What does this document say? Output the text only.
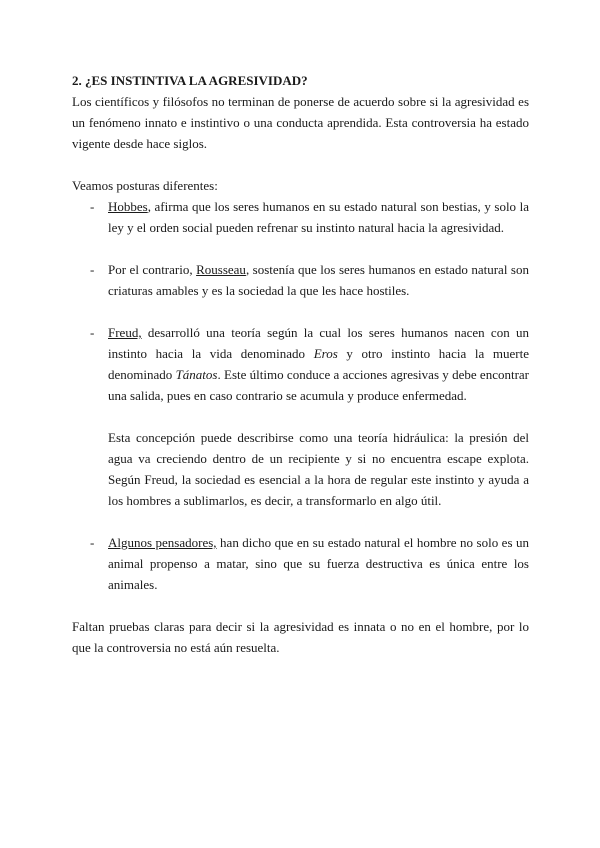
2. ¿ES INSTINTIVA LA AGRESIVIDAD?

Los científicos y filósofos no terminan de ponerse de acuerdo sobre si la agresividad es un fenómeno innato e instintivo o una conducta aprendida. Esta controversia ha estado vigente desde hace siglos.

Veamos posturas diferentes:

- Hobbes, afirma que los seres humanos en su estado natural son bestias, y solo la ley y el orden social pueden refrenar su instinto natural hacia la agresividad.
- Por el contrario, Rousseau, sostenía que los seres humanos en estado natural son criaturas amables y es la sociedad la que les hace hostiles.
- Freud, desarrolló una teoría según la cual los seres humanos nacen con un instinto hacia la vida denominado Eros y otro instinto hacia la muerte denominado Tánatos. Este último conduce a acciones agresivas y debe encontrar una salida, pues en caso contrario se acumula y produce enfermedad.

Esta concepción puede describirse como una teoría hidráulica: la presión del agua va creciendo dentro de un recipiente y si no encuentra escape explota. Según Freud, la sociedad es esencial a la hora de regular este instinto y ayuda a los hombres a sublimarlos, es decir, a transformarlo en algo útil.

- Algunos pensadores, han dicho que en su estado natural el hombre no solo es un animal propenso a matar, sino que su fuerza destructiva es única entre los animales.

Faltan pruebas claras para decir si la agresividad es innata o no en el hombre, por lo que la controversia no está aún resuelta.
